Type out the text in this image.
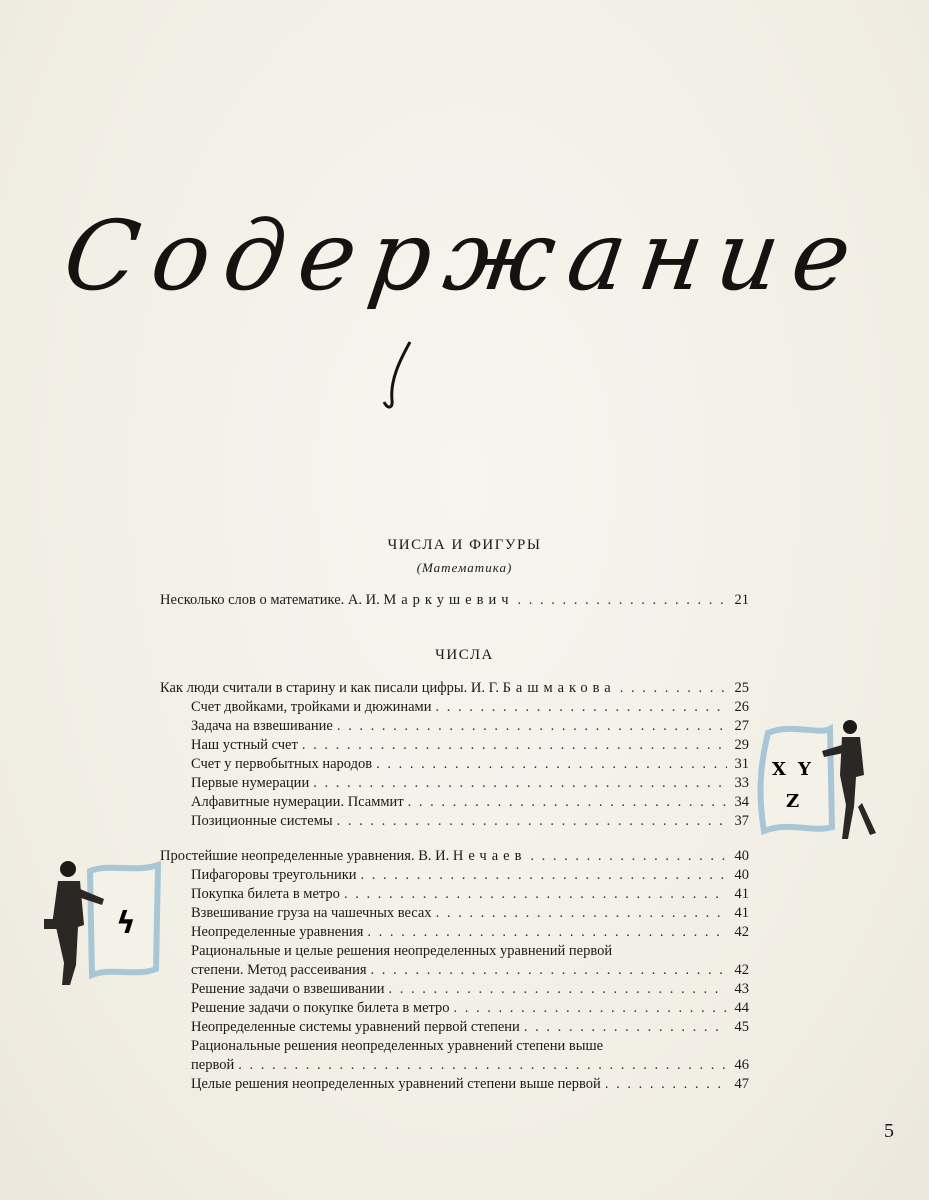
Содержание
ЧИСЛА И ФИГУРЫ
(Математика)
Несколько слов о математике. А. И. Маркушевич . . .	21
ЧИСЛА
Как люди считали в старину и как писали цифры. И. Г. Башмакова . . .	25
Счет двойками, тройками и дюжинами . . .	26
Задача на взвешивание . . .	27
Наш устный счет . . .	29
Счет у первобытных народов . . .	31
Первые нумерации . . .	33
Алфавитные нумерации. Псаммит . . .	34
Позиционные системы . . .	37
Простейшие неопределенные уравнения. В. И. Нечаев . . .	40
Пифагоровы треугольники . . .	40
Покупка билета в метро . . .	41
Взвешивание груза на чашечных весах . . .	41
Неопределенные уравнения . . .	42
Рациональные и целые решения неопределенных уравнений первой
степени. Метод рассеивания . . .	42
Решение задачи о взвешивании . . .	43
Решение задачи о покупке билета в метро . . .	44
Неопределенные системы уравнений первой степени . . .	45
Рациональные решения неопределенных уравнений степени выше
первой . . .	46
Целые решения неопределенных уравнений степени выше первой . . .	47
X Y
Z
ϟ
5
